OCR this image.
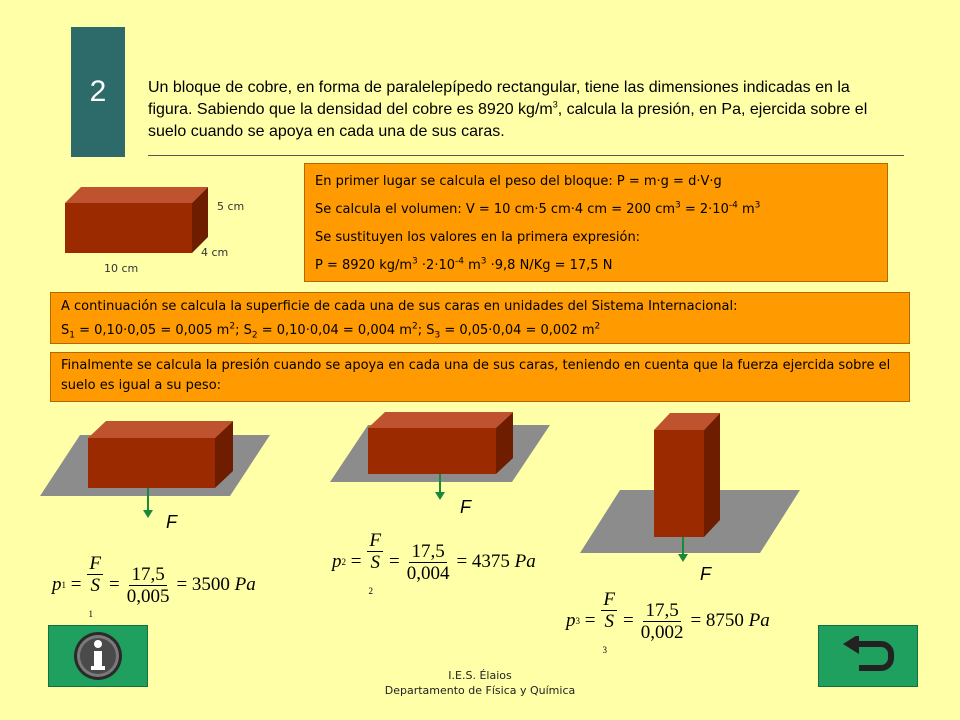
2	Un bloque de cobre, en forma de paralelepípedo rectangular, tiene las dimensiones indicadas en la figura. Sabiendo que la densidad del cobre es 8920 $kg/m^3$, calcula la presión, en Pa, ejercida sobre el suelo cuando se apoya en cada una de sus caras.
5 cm
4 cm
10 cm
En primer lugar se calcula el peso del bloque: P = m·g = d·V·g
Se calcula el volumen: V = 10 cm·5 cm·4 cm = 200 $cm^3 = 2\cdot 10^{-4}$ $m^3$
Se sustituyen los valores en la primera expresión:
P = 8920 $kg/m^3 \cdot 2\cdot 10^{-4}$ $m^3 \cdot 9,8$ N/Kg = 17,5 N
A continuación se calcula la superficie de cada una de sus caras en unidades del Sistema Internacional:
$S_1 = 0,10\cdot 0,05 = 0,005$ $m^2$; $S_2 = 0,10\cdot 0,04 = 0,004$ $m^2$; $S_3 = 0,05\cdot 0,04 = 0,002$ $m^2$
Finalmente se calcula la presión cuando se apoya en cada una de sus caras, teniendo en cuenta que la fuerza ejercida sobre el suelo es igual a su peso:
F
F
F
p 1 = F
S
$_1 = \frac{17,5}{0,005} = 3500$
Pa
p 2 = F
S
$_2 = \frac{17,5}{0,004} = 4375$
Pa
p 3 = F
S
$_3 = \frac{17,5}{0,002} = 8750$
Pa
I.E.S. Élaios
Departamento de Física y Química
